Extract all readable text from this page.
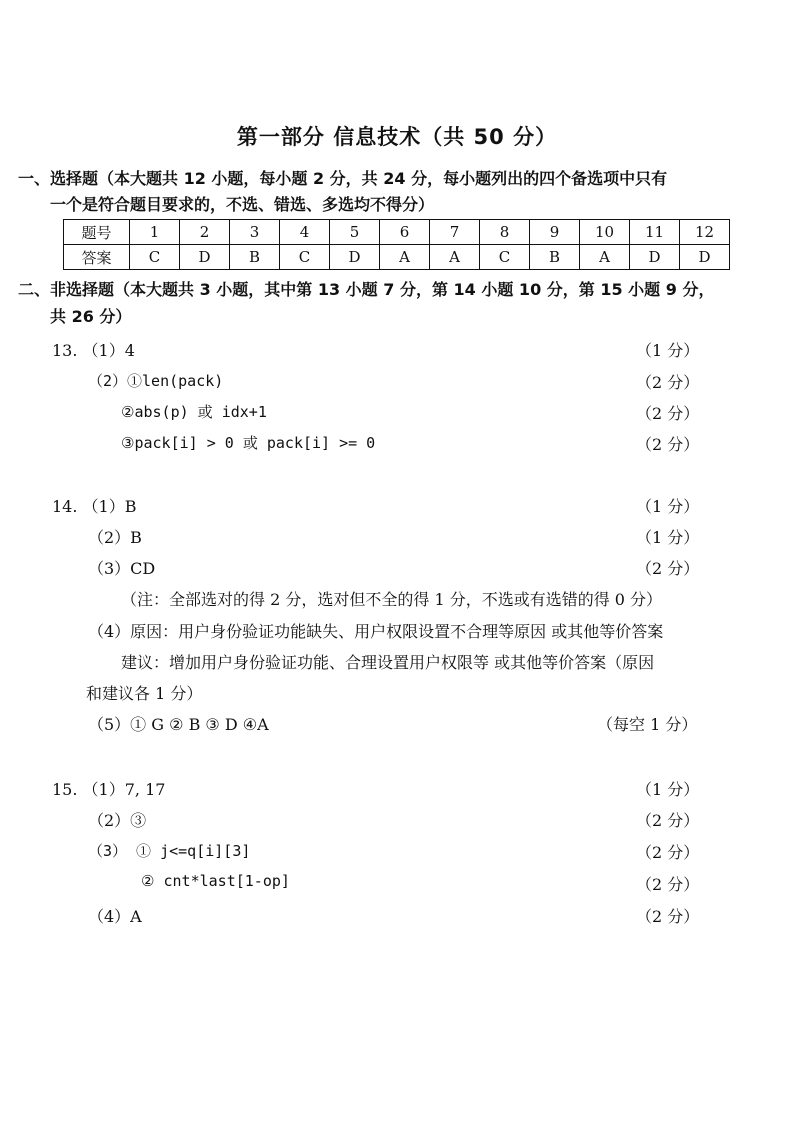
第一部分 信息技术（共 50 分）
一、选择题（本大题共 12 小题，每小题 2 分，共 24 分，每小题列出的四个备选项中只有
一个是符合题目要求的，不选、错选、多选均不得分）
题号	1	2	3	4	5	6	7	8	9	10	11	12
答案	C	D	B	C	D	A	A	C	B	A	D	D
二、非选择题（本大题共 3 小题，其中第 13 小题 7 分，第 14 小题 10 分，第 15 小题 9 分，
共 26 分）
13. （1）4	（1 分）
（2）①len(pack)	（2 分）
②abs(p) 或 idx+1	（2 分）
③pack[i] > 0 或 pack[i] >= 0	（2 分）
14. （1）B	（1 分）
（2）B	（1 分）
（3）CD	（2 分）
（注：全部选对的得 2 分，选对但不全的得 1 分，不选或有选错的得 0 分）
（4）原因：用户身份验证功能缺失、用户权限设置不合理等原因 或其他等价答案
建议：增加用户身份验证功能、合理设置用户权限等 或其他等价答案（原因
和建议各 1 分）
（5）① G ② B ③ D ④A	（每空 1 分）
15. （1）7, 17	（1 分）
（2）③	（2 分）
（3） ① j<=q[i][3]	（2 分）
② cnt*last[1-op]	（2 分）
（4）A	（2 分）
